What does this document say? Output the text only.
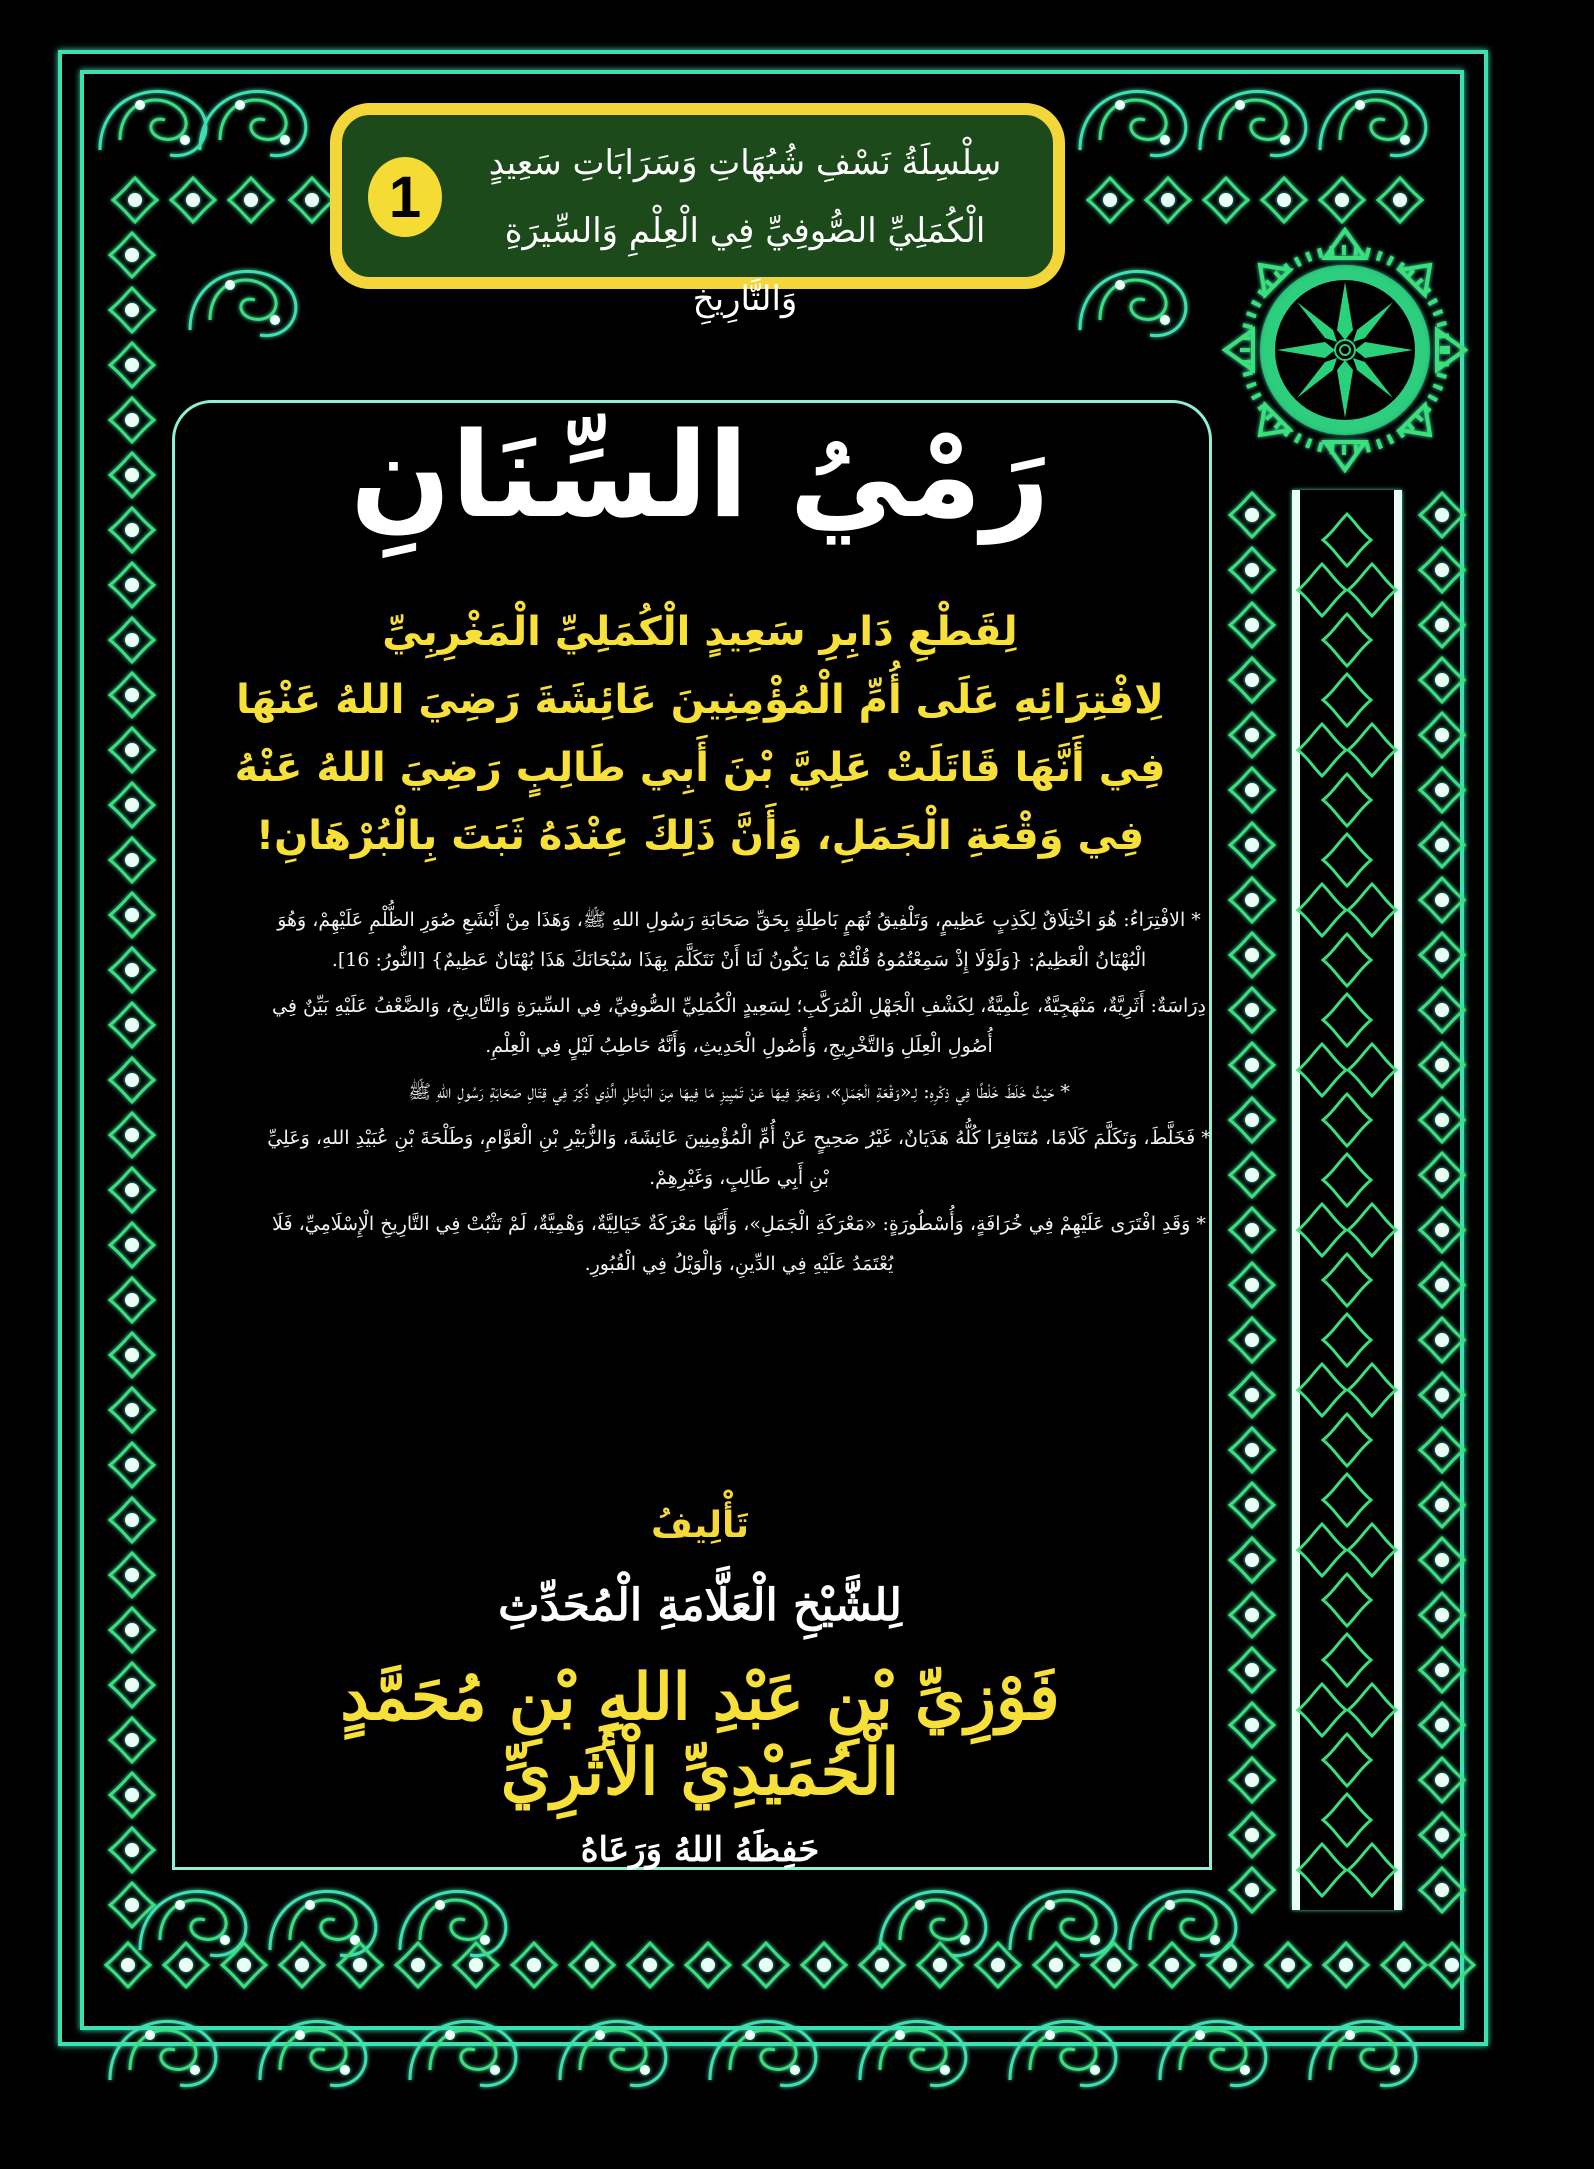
1
سِلْسِلَةُ نَسْفِ شُبُهَاتِ وَسَرَابَاتِ سَعِيدٍ
الْكُمَلِيِّ الصُّوفِيِّ فِي الْعِلْمِ وَالسِّيرَةِ وَالتَّارِيخِ
رَمْيُ السِّنَانِ
لِقَطْعِ دَابِرِ سَعِيدٍ الْكُمَلِيِّ الْمَغْرِبِيِّ
لِافْتِرَائِهِ عَلَى أُمِّ الْمُؤْمِنِينَ عَائِشَةَ رَضِيَ اللهُ عَنْهَا
فِي أَنَّهَا قَاتَلَتْ عَلِيَّ بْنَ أَبِي طَالِبٍ رَضِيَ اللهُ عَنْهُ
فِي وَقْعَةِ الْجَمَلِ، وَأَنَّ ذَلِكَ عِنْدَهُ ثَبَتَ بِالْبُرْهَانِ!

* الافْتِرَاءُ: هُوَ اخْتِلَاقٌ لِكَذِبٍ عَظِيمٍ، وَتَلْفِيقُ تُهَمٍ بَاطِلَةٍ بِحَقِّ صَحَابَةِ رَسُولِ اللهِ ﷺ، وَهَذَا مِنْ أَبْشَعِ صُوَرِ الظُّلْمِ عَلَيْهِمْ، وَهُوَ الْبُهْتَانُ الْعَظِيمُ: {وَلَوْلَا إِذْ سَمِعْتُمُوهُ قُلْتُمْ مَا يَكُونُ لَنَا أَنْ نَتَكَلَّمَ بِهَذَا سُبْحَانَكَ هَذَا بُهْتَانٌ عَظِيمٌ} [النُّورُ: 16].

دِرَاسَةٌ: أَثَرِيَّةٌ، مَنْهَجِيَّةٌ، عِلْمِيَّةٌ، لِكَشْفِ الْجَهْلِ الْمُرَكَّبِ؛ لِسَعِيدٍ الْكُمَلِيِّ الصُّوفِيِّ، فِي السِّيرَةِ وَالتَّارِيخِ، وَالضَّعْفُ عَلَيْهِ بَيِّنٌ فِي أُصُولِ الْعِلَلِ وَالتَّخْرِيجِ، وَأُصُولِ الْحَدِيثِ، وَأَنَّهُ حَاطِبُ لَيْلٍ فِي الْعِلْمِ.

* حَيْثُ خَلَطَ خَلْطًا فِي ذِكْرِهِ: لِـ«وَقْعَةِ الْجَمَلِ»، وَعَجَزَ فِيهَا عَنْ تَمْيِيزِ مَا فِيهَا مِنَ الْبَاطِلِ الَّذِي ذُكِرَ فِي قِتَالِ صَحَابَةِ رَسُولِ اللهِ ﷺ

* فَخَلَّطَ، وَتَكَلَّمَ كَلَامًا، مُتَنَافِرًا كُلُّهُ هَذَيَانٌ، غَيْرُ صَحِيحٍ عَنْ أُمِّ الْمُؤْمِنِينَ عَائِشَةَ، وَالزُّبَيْرِ بْنِ الْعَوَّامِ، وَطَلْحَةَ بْنِ عُبَيْدِ اللهِ، وَعَلِيِّ بْنِ أَبِي طَالِبٍ، وَغَيْرِهِمْ.

* وَقَدِ افْتَرَى عَلَيْهِمْ فِي خُرَافَةٍ، وَأُسْطُورَةٍ: «مَعْرَكَةِ الْجَمَلِ»، وَأَنَّهَا مَعْرَكَةٌ خَيَالِيَّةٌ، وَهْمِيَّةٌ، لَمْ تَثْبُتْ فِي التَّارِيخِ الْإِسْلَامِيِّ، فَلَا يُعْتَمَدُ عَلَيْهِ فِي الدِّينِ، وَالْوَيْلُ فِي الْقُبُورِ.

تَأْلِيفُ
لِلشَّيْخِ الْعَلَّامَةِ الْمُحَدِّثِ
فَوْزِيِّ بْنِ عَبْدِ اللهِ بْنِ مُحَمَّدٍ الْحُمَيْدِيِّ الْأَثَرِيِّ
حَفِظَهُ اللهُ وَرَعَاهُ
